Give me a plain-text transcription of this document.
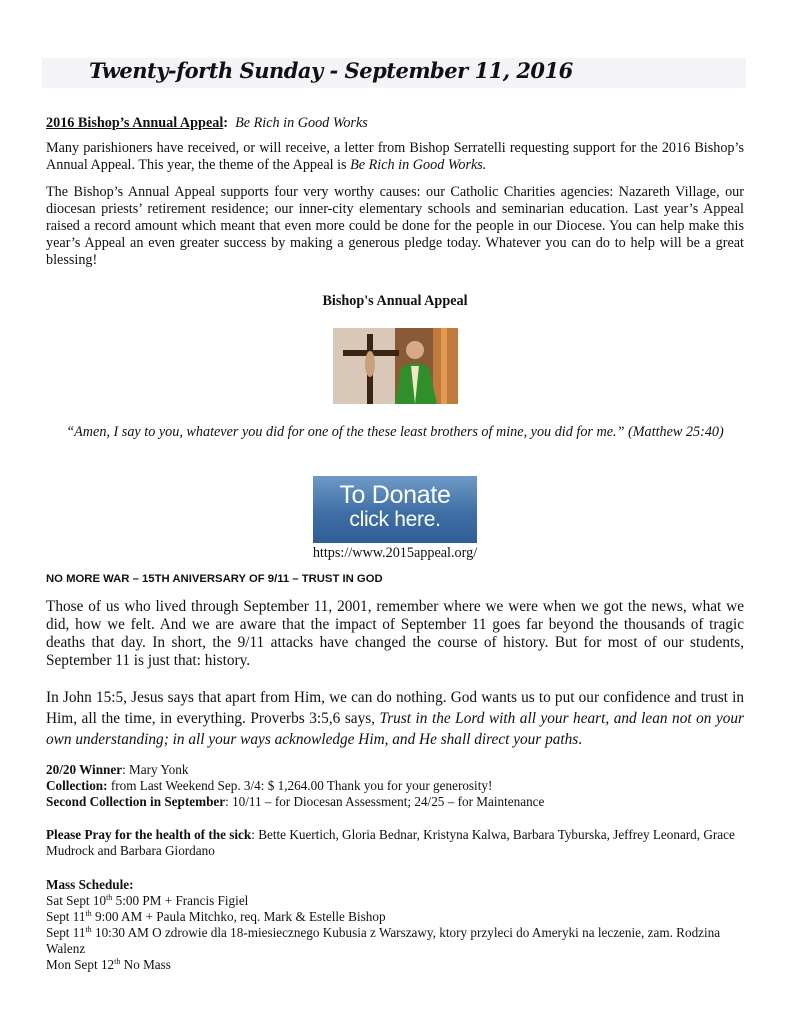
Twenty-forth Sunday - September 11, 2016

2016 Bishop’s Annual Appeal: Be Rich in Good Works

Many parishioners have received, or will receive, a letter from Bishop Serratelli requesting support for the 2016 Bishop’s Annual Appeal. This year, the theme of the Appeal is Be Rich in Good Works.

The Bishop’s Annual Appeal supports four very worthy causes: our Catholic Charities agencies: Nazareth Village, our diocesan priests’ retirement residence; our inner-city elementary schools and seminarian education. Last year’s Appeal raised a record amount which meant that even more could be done for the people in our Diocese. You can help make this year’s Appeal an even greater success by making a generous pledge today. Whatever you can do to help will be a great blessing!

Bishop's Annual Appeal

“Amen, I say to you, whatever you did for one of the these least brothers of mine, you did for me.” (Matthew 25:40)

To Donate
click here.

https://www.2015appeal.org/

NO MORE WAR – 15TH ANIVERSARY OF 9/11 – TRUST IN GOD

Those of us who lived through September 11, 2001, remember where we were when we got the news, what we did, how we felt. And we are aware that the impact of September 11 goes far beyond the thousands of tragic deaths that day. In short, the 9/11 attacks have changed the course of history. But for most of our students, September 11 is just that: history.

In John 15:5, Jesus says that apart from Him, we can do nothing. God wants us to put our confidence and trust in Him, all the time, in everything. Proverbs 3:5,6 says, Trust in the Lord with all your heart, and lean not on your own understanding; in all your ways acknowledge Him, and He shall direct your paths.

20/20 Winner: Mary Yonk
Collection: from Last Weekend Sep. 3/4: $ 1,264.00 Thank you for your generosity!
Second Collection in September: 10/11 – for Diocesan Assessment; 24/25 – for Maintenance
Please Pray for the health of the sick: Bette Kuertich, Gloria Bednar, Kristyna Kalwa, Barbara Tyburska, Jeffrey Leonard, Grace Mudrock and Barbara Giordano
Mass Schedule:
Sat Sept 10th 5:00 PM + Francis Figiel
Sept 11th 9:00 AM + Paula Mitchko, req. Mark & Estelle Bishop
Sept 11th 10:30 AM O zdrowie dla 18-miesiecznego Kubusia z Warszawy, ktory przyleci do Ameryki na leczenie, zam. Rodzina Walenz
Mon Sept 12th No Mass
